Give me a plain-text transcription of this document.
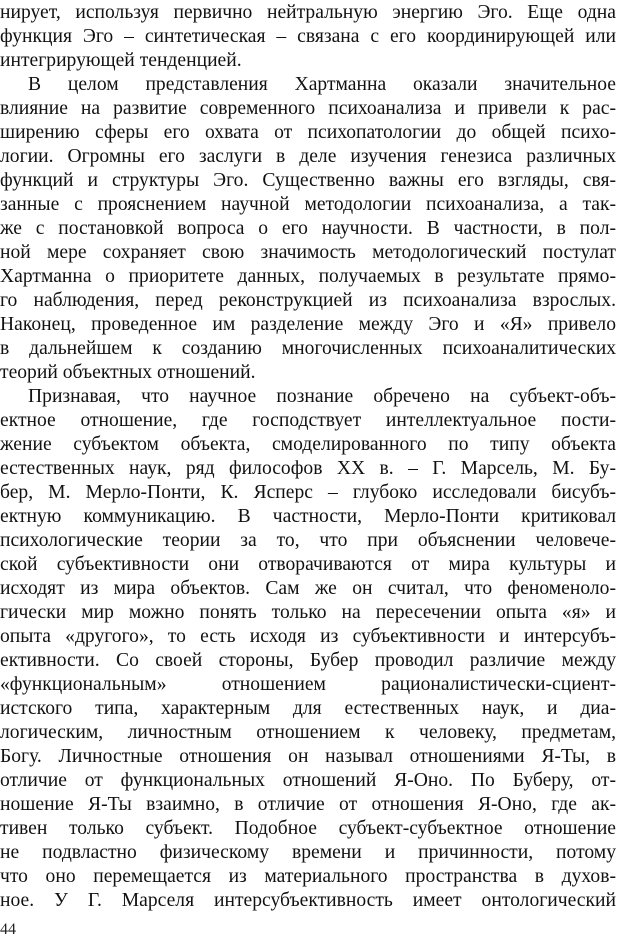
нирует, используя первично нейтральную энергию Эго. Еще одна
функция Эго – синтетическая – связана с его координирующей или
интегрирующей тенденцией.
В целом представления Хартманна оказали значительное
влияние на развитие современного психоанализа и привели к рас-
ширению сферы его охвата от психопатологии до общей психо-
логии. Огромны его заслуги в деле изучения генезиса различных
функций и структуры Эго. Существенно важны его взгляды, свя-
занные с прояснением научной методологии психоанализа, а так-
же с постановкой вопроса о его научности. В частности, в пол-
ной мере сохраняет свою значимость методологический постулат
Хартманна о приоритете данных, получаемых в результате прямо-
го наблюдения, перед реконструкцией из психоанализа взрослых.
Наконец, проведенное им разделение между Эго и «Я» привело
в дальнейшем к созданию многочисленных психоаналитических
теорий объектных отношений.
Признавая, что научное познание обречено на субъект-объ-
ектное отношение, где господствует интеллектуальное пости-
жение субъектом объекта, смоделированного по типу объекта
естественных наук, ряд философов XX в. – Г. Марсель, М. Бу-
бер, М. Мерло-Понти, К. Ясперс – глубоко исследовали бисубъ-
ектную коммуникацию. В частности, Мерло-Понти критиковал
психологические теории за то, что при объяснении человече-
ской субъективности они отворачиваются от мира культуры и
исходят из мира объектов. Сам же он считал, что феноменоло-
гически мир можно понять только на пересечении опыта «я» и
опыта «другого», то есть исходя из субъективности и интерсубъ-
ективности. Со своей стороны, Бубер проводил различие между
«функциональным» отношением рационалистически-сциент-
истского типа, характерным для естественных наук, и диа-
логическим, личностным отношением к человеку, предметам,
Богу. Личностные отношения он называл отношениями Я-Ты, в
отличие от функциональных отношений Я-Оно. По Буберу, от-
ношение Я-Ты взаимно, в отличие от отношения Я-Оно, где ак-
тивен только субъект. Подобное субъект-субъектное отношение
не подвластно физическому времени и причинности, потому
что оно перемещается из материального пространства в духов-
ное. У Г. Марселя интерсубъективность имеет онтологический
44
